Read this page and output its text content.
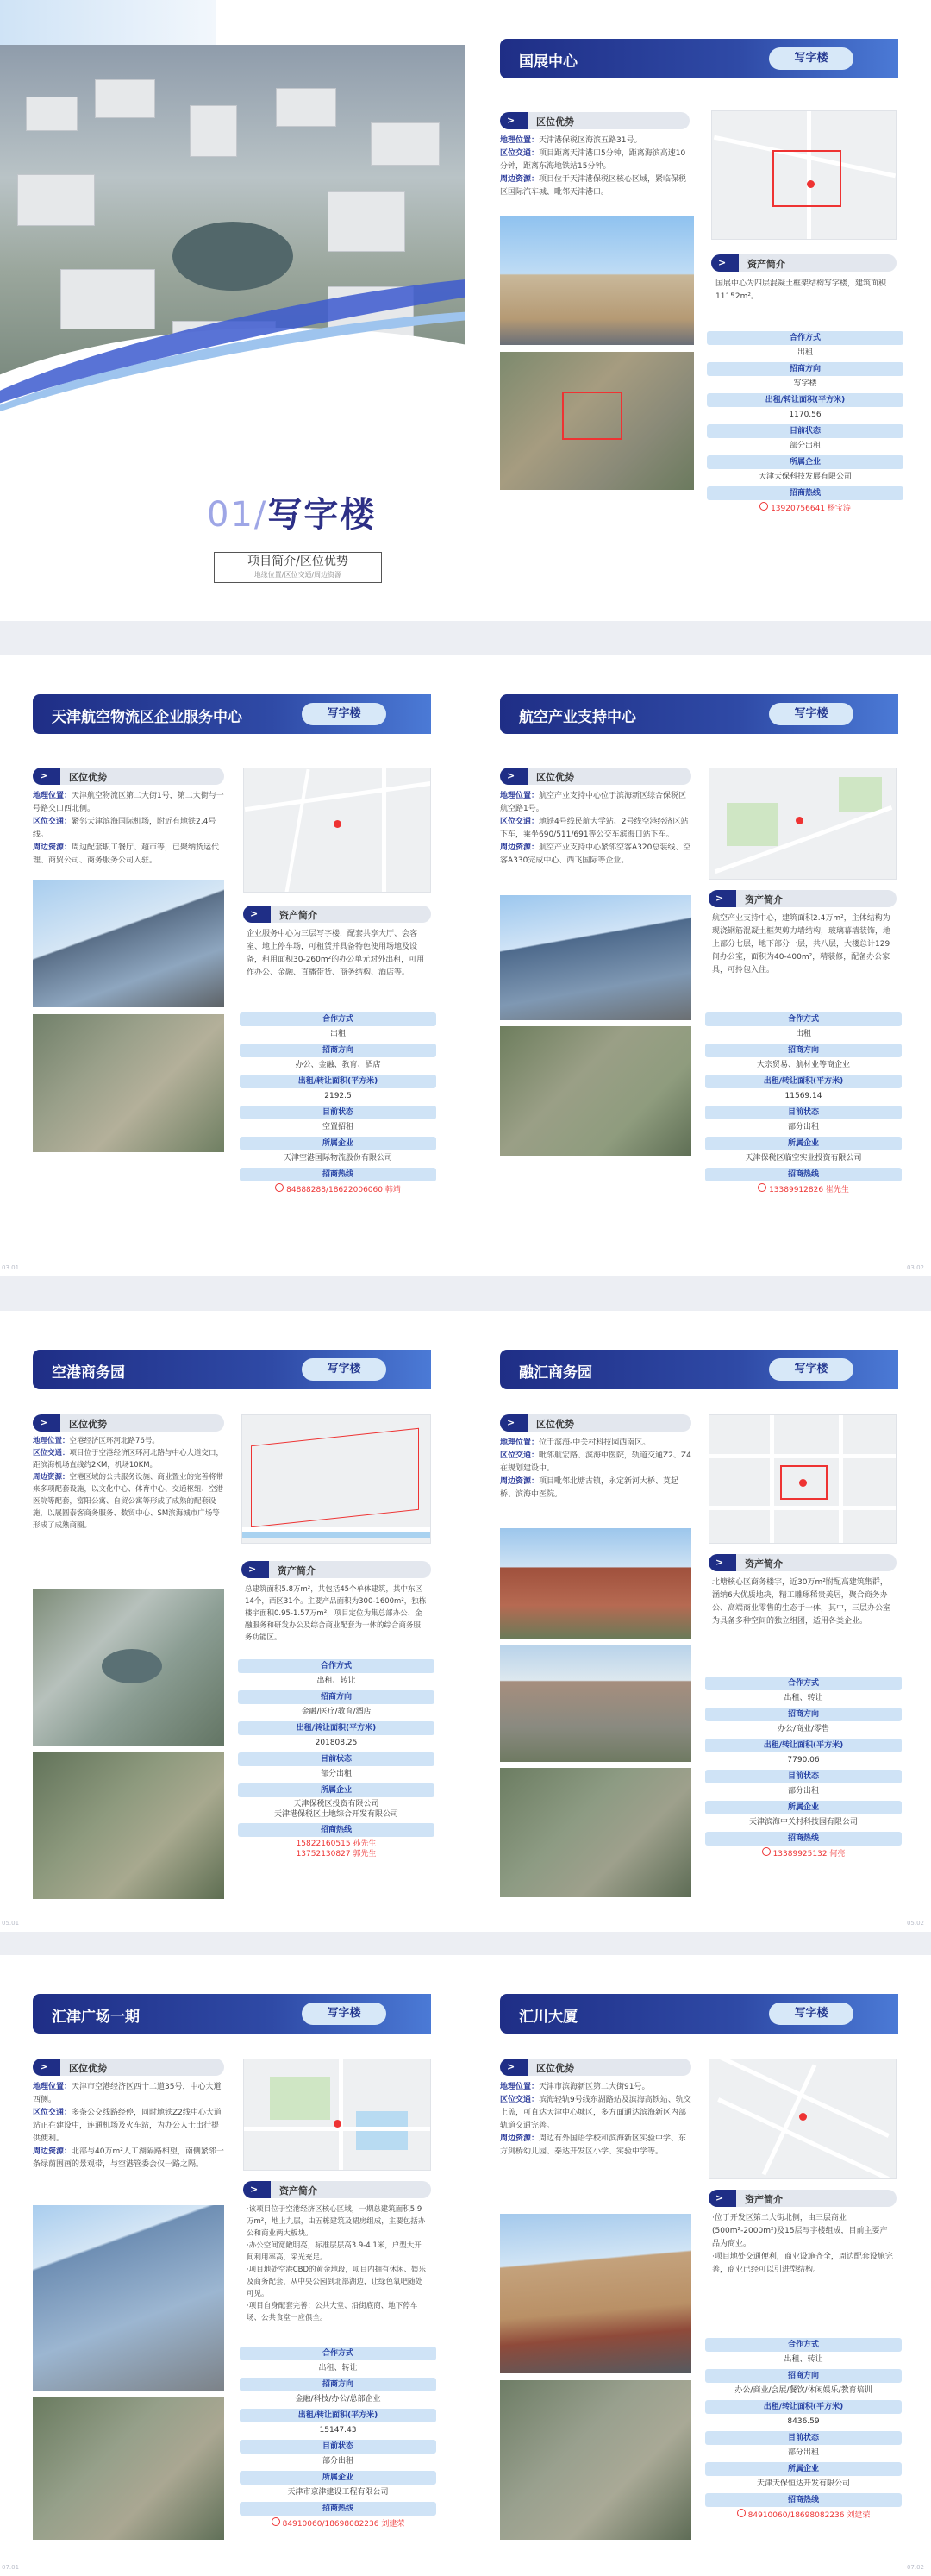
01/写字楼
项目简介/区位优势
地缘位置/区位交通/周边资源
国展中心	写字楼
> 区位优势
地理位置：天津港保税区海滨五路31号。
区位交通：项目距离天津港口5分钟，距离海滨高速10分钟，距离东海地铁站15分钟。
周边资源：项目位于天津港保税区核心区域，紧临保税区国际汽车城、毗邻天津港口。
> 资产简介
国展中心为四层混凝土框架结构写字楼，建筑面积11152m²。
合作方式
出租
招商方向
写字楼
出租/转让面积(平方米)
1170.56
目前状态
部分出租
所属企业
天津天保科技发展有限公司
招商热线
13920756641 杨宝涛
天津航空物流区企业服务中心	写字楼
> 区位优势
地理位置：天津航空物流区第二大街1号，第二大街与一号路交口西北侧。
区位交通：紧邻天津滨海国际机场，附近有地铁2,4号线。
周边资源：周边配套职工餐厅、超市等，已聚纳货运代理、商贸公司、商务服务公司入驻。
> 资产简介
企业服务中心为三层写字楼，配套共享大厅、会客室、地上停车场，可租赁并具备特色使用场地及设备，租用面积30-260m²的办公单元对外出租，可用作办公、金融、直播带货、商务结构、酒店等。
合作方式
出租
招商方向
办公、金融、教育、酒店
出租/转让面积(平方米)
2192.5
目前状态
空置招租
所属企业
天津空港国际物流股份有限公司
招商热线
84888288/18622006060 韩靖
03.01
航空产业支持中心	写字楼
> 区位优势
地理位置：航空产业支持中心位于滨海新区综合保税区航空路1号。
区位交通：地铁4号线民航大学站、2号线空港经济区站下车，乘坐690/511/691等公交车滨海口站下车。
周边资源：航空产业支持中心紧邻空客A320总装线、空客A330完成中心、西飞国际等企业。
> 资产简介
航空产业支持中心，建筑面积2.4万m²，主体结构为现浇钢筋混凝土框架剪力墙结构，玻璃幕墙装饰，地上部分七层，地下部分一层，共八层，大楼总计129间办公室，面积为40-400m²，精装修，配备办公家具，可拎包入住。
合作方式
出租
招商方向
大宗贸易、航材业等商企业
出租/转让面积(平方米)
11569.14
目前状态
部分出租
所属企业
天津保税区临空实业投资有限公司
招商热线
13389912826 崔先生
03.02
空港商务园	写字楼
> 区位优势
地理位置：空港经济区环河北路76号。
区位交通：项目位于空港经济区环河北路与中心大道交口，距滨海机场直线约2KM，机场10KM。
周边资源：空港区域的公共服务设施、商业置业的完善将带来多项配套设施，以文化中心、体育中心、交通枢纽、空港医院等配套，富阳公寓、自贸公寓等形成了成熟的配套设施，以展圆泰客商务服务、数贸中心、SM滨海城市广场等形成了成熟商圈。
> 资产简介
总建筑面积5.8万m²，共包括45个单体建筑，其中东区14个，西区31个。主要产品面积为300-1600m²，独栋楼宇面积0.95-1.57万m²，项目定位为集总部办公、金融服务和研发办公及综合商业配套为一体的综合商务服务功能区。
合作方式
出租、转让
招商方向
金融/医疗/教育/酒店
出租/转让面积(平方米)
201808.25
目前状态
部分出租
所属企业
天津保税区投资有限公司
天津港保税区土地综合开发有限公司
招商热线
15822160515 孙先生
13752130827 郭先生
05.01
融汇商务园	写字楼
> 区位优势
地理位置：位于滨海-中关村科技园西南区。
区位交通：毗邻航宏路、滨海中医院，轨道交通Z2、Z4在规划建设中。
周边资源：项目毗邻北塘古镇，永定新河大桥、莫起桥、滨海中医院。
> 资产简介
北塘核心区商务楼宇，近30万m²附配高建筑集群，涵纳6大优质地块，精工雕琢稀贵美居，聚合商务办公、高端商业零售的生态于一体，其中，三层办公室为具备多种空间的独立组团，适用各类企业。
合作方式
出租、转让
招商方向
办公/商业/零售
出租/转让面积(平方米)
7790.06
目前状态
部分出租
所属企业
天津滨海中关村科技园有限公司
招商热线
13389925132 何亮
05.02
汇津广场一期	写字楼
> 区位优势
地理位置：天津市空港经济区西十二道35号，中心大道西侧。
区位交通：多条公交线路经停，同时地铁Z2线中心大道站正在建设中，连通机场及火车站，为办公人士出行提供便利。
周边资源：北部与40万m²人工湖隔路相望，南侧紧邻一条绿荫围画的景观带，与空港管委会仅一路之隔。
> 资产简介
·该项目位于空港经济区核心区域，一期总建筑面积5.9万m²，地上九层，由五栋建筑及裙房组成，主要包括办公和商业两大板块。
·办公空间宽敞明亮，标准层层高3.9-4.1米，户型大开间利用率高，采光充足。
·项目地处空港CBD的黄金地段，项目内拥有休闲、娱乐及商务配套，从中央公园到北部湖边，让绿色氧吧随处可见。
·项目自身配套完善：公共大堂、沿街底商、地下停车场、公共食堂一应俱全。
合作方式
出租、转让
招商方向
金融/科技/办公/总部企业
出租/转让面积(平方米)
15147.43
目前状态
部分出租
所属企业
天津市京津建设工程有限公司
招商热线
84910060/18698082236 刘建荣
07.01
汇川大厦	写字楼
> 区位优势
地理位置：天津市滨海新区第二大街91号。
区位交通：滨海轻轨9号线东湖路站及滨海高铁站、轨交上盖，可直达天津中心城区，多方面通达滨海新区内部轨道交通完善。
周边资源：周边有外国语学校和滨海新区实验中学、东方剑桥幼儿园、泰达开发区小学、实验中学等。
> 资产简介
·位于开发区第二大街北侧，由三层商业(500m²-2000m²)及15层写字楼组成，目前主要产品为商业。
·项目地处交通便利，商业设施齐全，周边配套设施完善，商业已经可以引进型结构。
合作方式
出租、转让
招商方向
办公/商业/会展/餐饮/休闲娱乐/教育培训
出租/转让面积(平方米)
8436.59
目前状态
部分出租
所属企业
天津天保恒达开发有限公司
招商热线
84910060/18698082236 刘建荣
07.02
